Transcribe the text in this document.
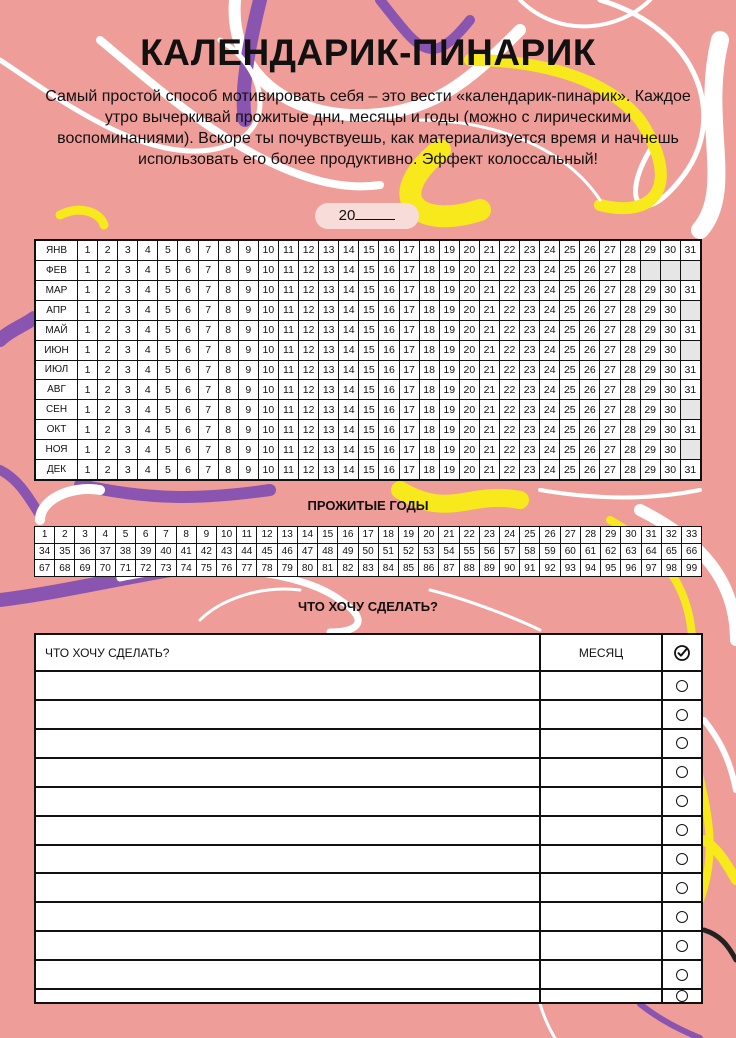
КАЛЕНДАРИК-ПИНАРИК

Самый простой способ мотивировать себя – это вести «календарик-пинарик». Каждое утро вычеркивай прожитые дни, месяцы и годы (можно с лирическими воспоминаниями). Вскоре ты почувствуешь, как материализуется время и начнешь использовать его более продуктивно. Эффект колоссальный!

20
ЯНВ	1	2	3	4	5	6	7	8	9	10 11 12 13 14 15 16 17 18 19 20 21 22 23 24 25 26 27 28 29 30 31
ФЕВ	1	2	3	4	5	6	7	8	9	10 11 12 13 14 15 16 17 18 19 20 21 22 23 24 25 26 27 28
МАР	1	2	3	4	5	6	7	8	9	10 11 12 13 14 15 16 17 18 19 20 21 22 23 24 25 26 27 28 29 30 31
АПР	1	2	3	4	5	6	7	8	9	10 11 12 13 14 15 16 17 18 19 20 21 22 23 24 25 26 27 28 29 30
МАЙ	1	2	3	4	5	6	7	8	9	10 11 12 13 14 15 16 17 18 19 20 21 22 23 24 25 26 27 28 29 30 31
ИЮН	1	2	3	4	5	6	7	8	9	10 11 12 13 14 15 16 17 18 19 20 21 22 23 24 25 26 27 28 29 30
ИЮЛ	1	2	3	4	5	6	7	8	9	10 11 12 13 14 15 16 17 18 19 20 21 22 23 24 25 26 27 28 29 30 31
АВГ	1	2	3	4	5	6	7	8	9	10 11 12 13 14 15 16 17 18 19 20 21 22 23 24 25 26 27 28 29 30 31
СЕН	1	2	3	4	5	6	7	8	9	10 11 12 13 14 15 16 17 18 19 20 21 22 23 24 25 26 27 28 29 30
ОКТ	1	2	3	4	5	6	7	8	9	10 11 12 13 14 15 16 17 18 19 20 21 22 23 24 25 26 27 28 29 30 31
НОЯ	1	2	3	4	5	6	7	8	9	10 11 12 13 14 15 16 17 18 19 20 21 22 23 24 25 26 27 28 29 30
ДЕК	1	2	3	4	5	6	7	8	9	10 11 12 13 14 15 16 17 18 19 20 21 22 23 24 25 26 27 28 29 30 31
ПРОЖИТЫЕ ГОДЫ
1	2	3	4	5	6	7	8	9	10 11 12 13 14 15 16 17 18 19 20 21 22 23 24 25 26 27 28 29 30 31 32 33
34 35 36 37 38 39 40 41 42 43 44 45 46 47 48 49 50 51 52 53 54 55 56 57 58 59 60 61 62 63 64 65 66
67 68 69 70 71 72 73 74 75 76 77 78 79 80 81 82 83 84 85 86 87 88 89 90 91 92 93 94 95 96 97 98 99
ЧТО ХОЧУ СДЕЛАТЬ?
ЧТО ХОЧУ СДЕЛАТЬ?	МЕСЯЦ
